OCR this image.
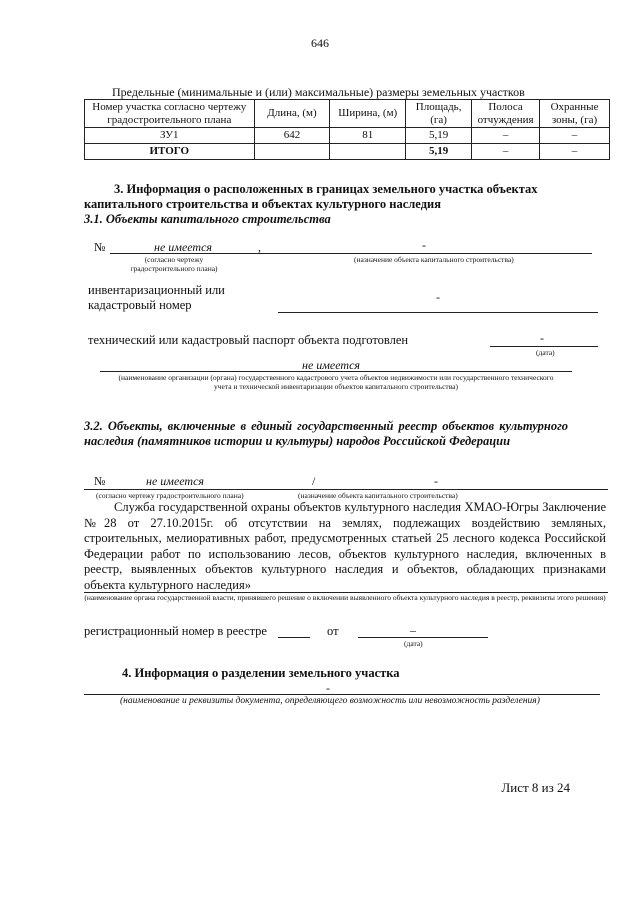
646
Предельные (минимальные и (или) максимальные) размеры земельных участков
Номер участка согласно чертежу градостроительного плана	Длина, (м)	Ширина, (м)	Площадь, (га)	Полоса отчуждения	Охранные зоны, (га)
ЗУ1	642	81	5,19	–	–
ИТОГО			5,19	–	–
3. Информация о расположенных в границах земельного участка объектах капитального строительства и объектах культурного наследия
3.1. Объекты капитального строительства
№	не имеется	,	-
(согласно чертежу градостроительного плана)
(назначение объекта капитального строительства)
инвентаризационный или кадастровый номер
-
технический или кадастровый паспорт объекта подготовлен	-
(дата)
не имеется
(наименование организации (органа) государственного кадастрового учета объектов недвижимости или государственного технического учета и технической инвентаризации объектов капитального строительства)
3.2. Объекты, включенные в единый государственный реестр объектов культурного наследия (памятников истории и культуры) народов Российской Федерации
№	не имеется	/	-
(согласно чертежу градостроительного плана)	(назначение объекта капитального строительства)
Служба государственной охраны объектов культурного наследия ХМАО-Югры Заключение №28 от 27.10.2015г. об отсутствии на землях, подлежащих воздействию земляных, строительных, мелиоративных работ, предусмотренных статьей 25 лесного кодекса Российской Федерации работ по использованию лесов, объектов культурного наследия, включенных в реестр, выявленных объектов культурного наследия и объектов, обладающих признаками объекта культурного наследия»
(наименование органа государственной власти, принявшего решение о включении выявленного объекта культурного наследия в реестр, реквизиты этого решения)
регистрационный номер в реестре	от	–
(дата)
4. Информация о разделении земельного участка
-
(наименование и реквизиты документа, определяющего возможность или невозможность разделения)
Лист 8 из 24
